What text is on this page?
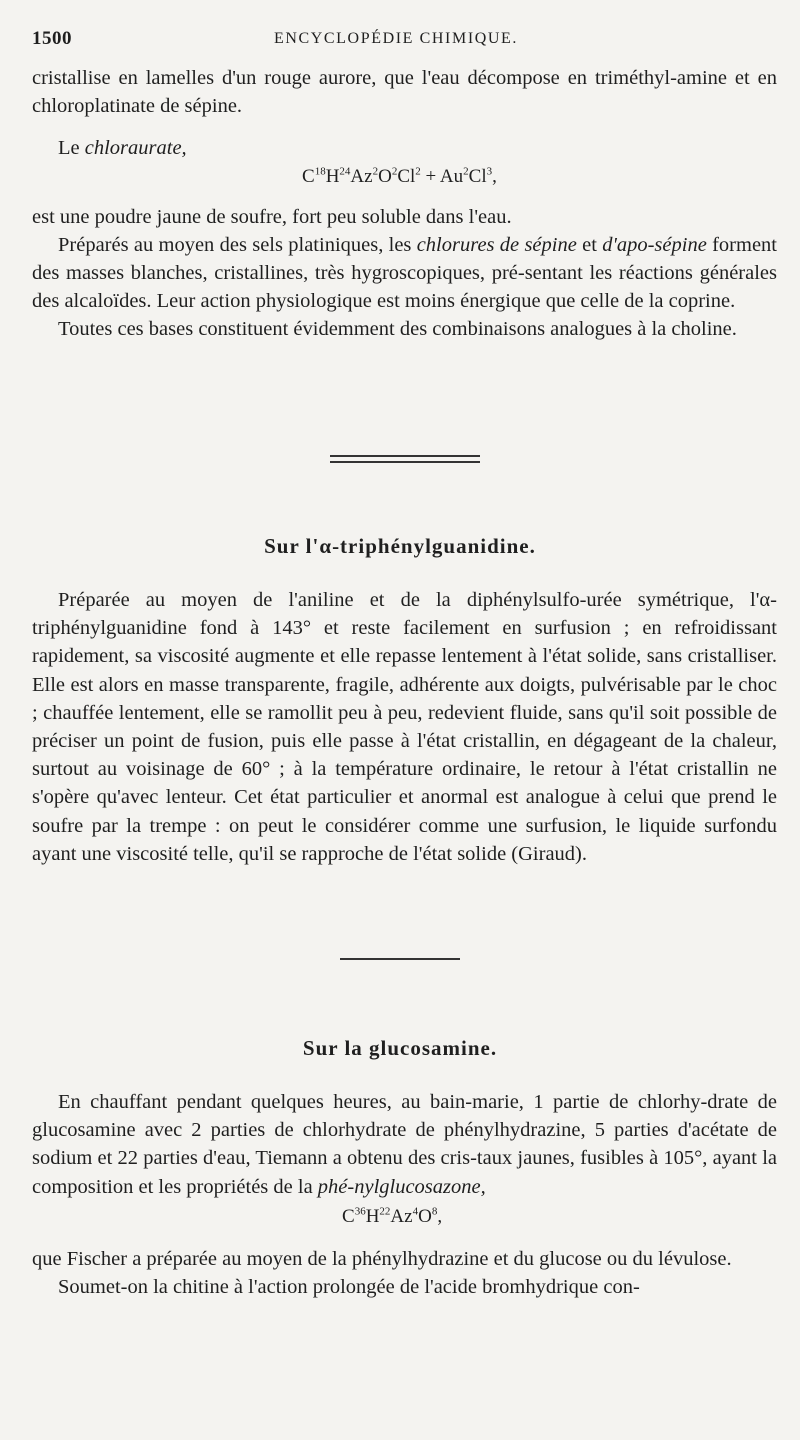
1500	ENCYCLOPÉDIE CHIMIQUE.

cristallise en lamelles d'un rouge aurore, que l'eau décompose en triméthyl-amine et en chloroplatinate de sépine.

Le chloraurate,

$C^{18}H^{24}Az^2O^2Cl^2 + Au^2Cl^3$,

est une poudre jaune de soufre, fort peu soluble dans l'eau.

Préparés au moyen des sels platiniques, les chlorures de sépine et d'apo-sépine forment des masses blanches, cristallines, très hygroscopiques, pré-sentant les réactions générales des alcaloïdes. Leur action physiologique est moins énergique que celle de la coprine.

Toutes ces bases constituent évidemment des combinaisons analogues à la choline.

Sur l'α-triphénylguanidine.

Préparée au moyen de l'aniline et de la diphénylsulfo-urée symétrique, l'α-triphénylguanidine fond à 143° et reste facilement en surfusion ; en refroidissant rapidement, sa viscosité augmente et elle repasse lentement à l'état solide, sans cristalliser. Elle est alors en masse transparente, fragile, adhérente aux doigts, pulvérisable par le choc ; chauffée lentement, elle se ramollit peu à peu, redevient fluide, sans qu'il soit possible de préciser un point de fusion, puis elle passe à l'état cristallin, en dégageant de la chaleur, surtout au voisinage de 60° ; à la température ordinaire, le retour à l'état cristallin ne s'opère qu'avec lenteur. Cet état particulier et anormal est analogue à celui que prend le soufre par la trempe : on peut le considérer comme une surfusion, le liquide surfondu ayant une viscosité telle, qu'il se rapproche de l'état solide (Giraud).

Sur la glucosamine.

En chauffant pendant quelques heures, au bain-marie, 1 partie de chlorhy-drate de glucosamine avec 2 parties de chlorhydrate de phénylhydrazine, 5 parties d'acétate de sodium et 22 parties d'eau, Tiemann a obtenu des cris-taux jaunes, fusibles à 105°, ayant la composition et les propriétés de la phé-nylglucosazone,

$C^{36}H^{22}Az^4O^8$,

que Fischer a préparée au moyen de la phénylhydrazine et du glucose ou du lévulose.

Soumet-on la chitine à l'action prolongée de l'acide bromhydrique con-
